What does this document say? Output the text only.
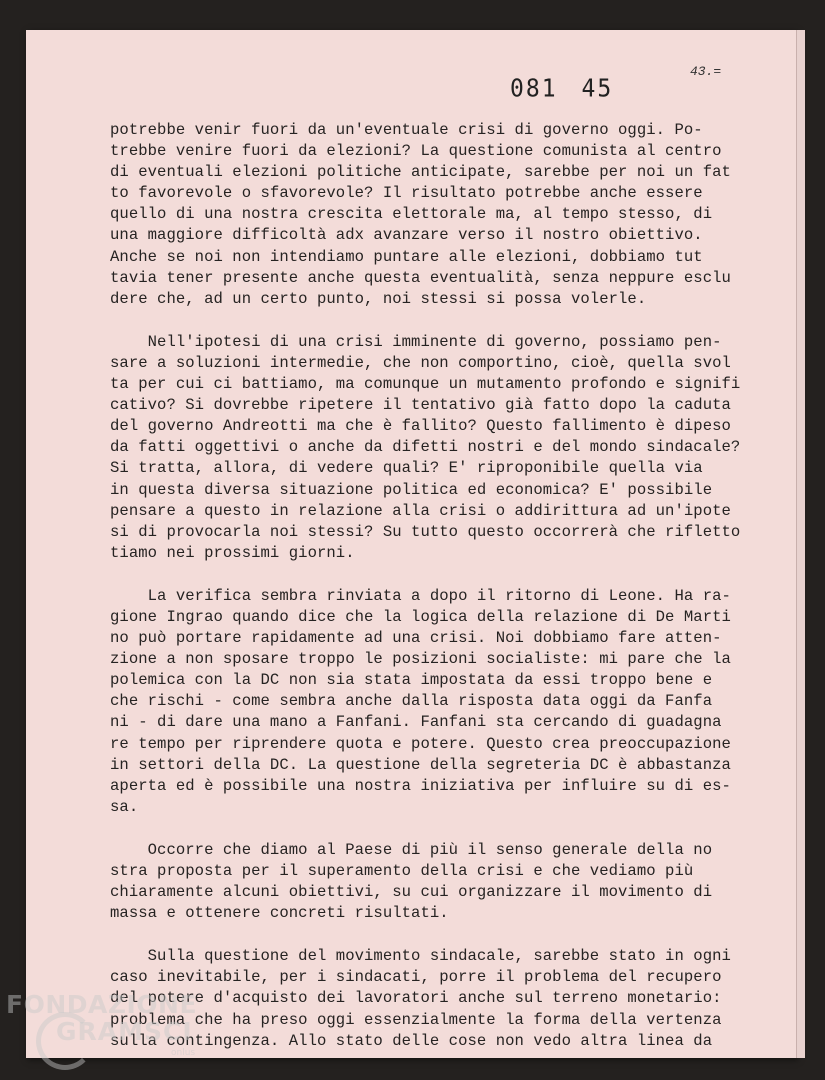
081 45
43.=
potrebbe venir fuori da un'eventuale crisi di governo oggi. Po-
trebbe venire fuori da elezioni? La questione comunista al centro
di eventuali elezioni politiche anticipate, sarebbe per noi un fat
to favorevole o sfavorevole? Il risultato potrebbe anche essere
quello di una nostra crescita elettorale ma, al tempo stesso, di
una maggiore difficoltà adx avanzare verso il nostro obiettivo.
Anche se noi non intendiamo puntare alle elezioni, dobbiamo tut
tavia tener presente anche questa eventualità, senza neppure esclu
dere che, ad un certo punto, noi stessi si possa volerle.
Nell'ipotesi di una crisi imminente di governo, possiamo pen-
sare a soluzioni intermedie, che non comportino, cioè, quella svol
ta per cui ci battiamo, ma comunque un mutamento profondo e signifi
cativo? Si dovrebbe ripetere il tentativo già fatto dopo la caduta
del governo Andreotti ma che è fallito? Questo fallimento è dipeso
da fatti oggettivi o anche da difetti nostri e del mondo sindacale?
Si tratta, allora, di vedere quali? E' riproponibile quella via
in questa diversa situazione politica ed economica? E' possibile
pensare a questo in relazione alla crisi o addirittura ad un'ipote
si di provocarla noi stessi? Su tutto questo occorrerà che rifletto
tiamo nei prossimi giorni.
La verifica sembra rinviata a dopo il ritorno di Leone. Ha ra-
gione Ingrao quando dice che la logica della relazione di De Marti
no può portare rapidamente ad una crisi. Noi dobbiamo fare atten-
zione a non sposare troppo le posizioni socialiste: mi pare che la
polemica con la DC non sia stata impostata da essi troppo bene e
che rischi - come sembra anche dalla risposta data oggi da Fanfa
ni - di dare una mano a Fanfani. Fanfani sta cercando di guadagna
re tempo per riprendere quota e potere. Questo crea preoccupazione
in settori della DC. La questione della segreteria DC è abbastanza
aperta ed è possibile una nostra iniziativa per influire su di es-
sa.
Occorre che diamo al Paese di più il senso generale della no
stra proposta per il superamento della crisi e che vediamo più
chiaramente alcuni obiettivi, su cui organizzare il movimento di
massa e ottenere concreti risultati.
Sulla questione del movimento sindacale, sarebbe stato in ogni
caso inevitabile, per i sindacati, porre il problema del recupero
del potere d'acquisto dei lavoratori anche sul terreno monetario:
problema che ha preso oggi essenzialmente la forma della vertenza
sulla contingenza. Allo stato delle cose non vedo altra linea da
FONDAZIONE
GRAMSCI
onlus
